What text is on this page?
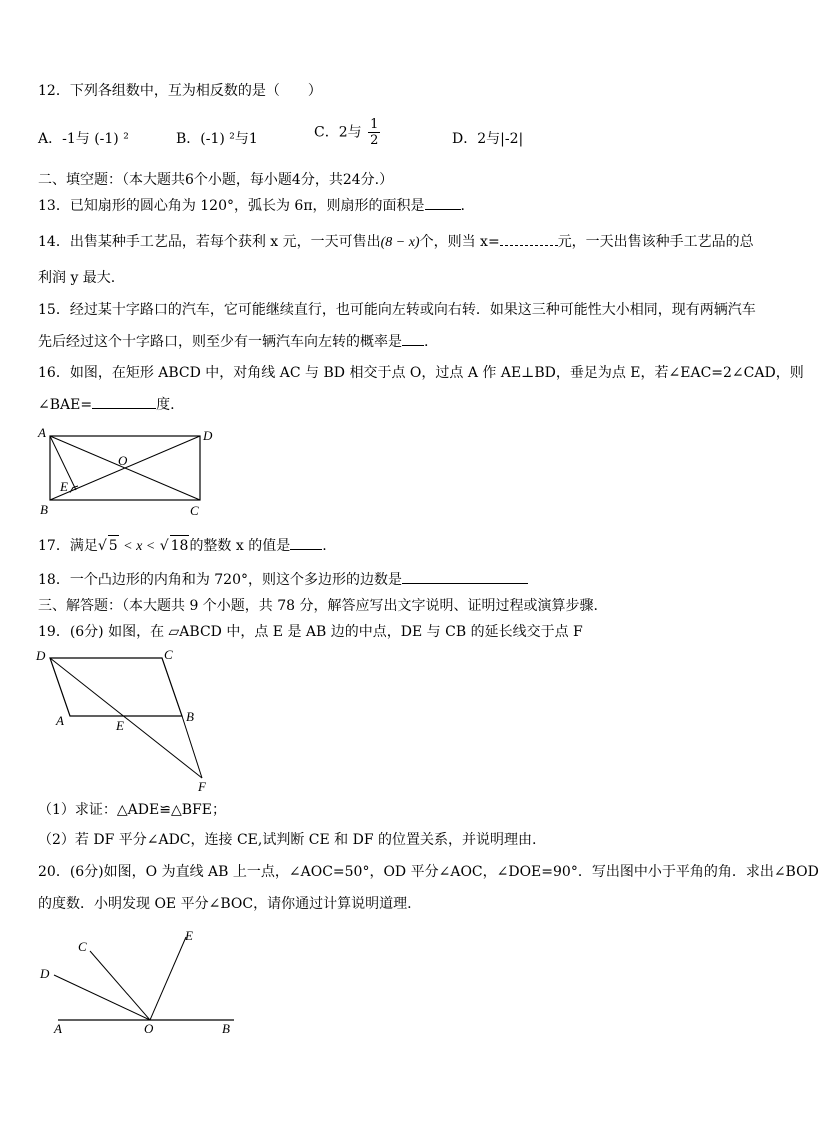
12．下列各组数中，互为相反数的是（　　）
A．-1与 (-1) ²	B．(-1) ²与1	C．2与 $\frac{1}{2}$	D．2与|-2|
二、填空题：（本大题共6个小题，每小题4分，共24分.）
13．已知扇形的圆心角为 120°，弧长为 6π，则扇形的面积是	.
14．出售某种手工艺品，若每个获利 x 元，一天可售出(8 − x)个，则当 x=	元，一天出售该种手工艺品的总
利润 y 最大.
15．经过某十字路口的汽车，它可能继续直行，也可能向左转或向右转．如果这三种可能性大小相同，现有两辆汽车
先后经过这个十字路口，则至少有一辆汽车向左转的概率是 .
16．如图，在矩形 ABCD 中，对角线 AC 与 BD 相交于点 O，过点 A 作 AE⊥BD，垂足为点 E，若∠EAC=2∠CAD，则
∠BAE=	度.
A	D
O
E
B	C
17．满足√ 5 < x < √ 18的整数 x 的值是 .
18．一个凸边形的内角和为 720°，则这个多边形的边数是
三、解答题：（本大题共 9 个小题，共 78 分，解答应写出文字说明、证明过程或演算步骤.
19．(6分) 如图，在 ▱ABCD 中，点 E 是 AB 边的中点，DE 与 CB 的延长线交于点 F
D	C
A	E
B
F
（1）求证：△ADE≌△BFE；
（2）若 DF 平分∠ADC，连接 CE,试判断 CE 和 DF 的位置关系，并说明理由.
20．(6分)如图，O 为直线 AB 上一点，∠AOC=50°，OD 平分∠AOC，∠DOE=90°．写出图中小于平角的角．求出∠BOD
的度数．小明发现 OE 平分∠BOC，请你通过计算说明道理.
C
E
D
A	O	B
